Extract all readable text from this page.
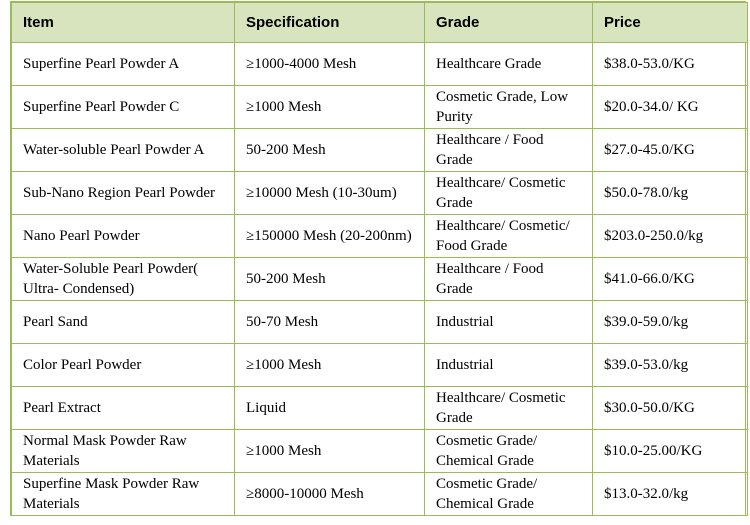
Item	Specification	Grade	Price
Superfine Pearl Powder A	≥1000-4000 Mesh	Healthcare Grade	$38.0-53.0/KG
Superfine Pearl Powder C	≥1000 Mesh	Cosmetic Grade, Low Purity	$20.0-34.0/ KG
Water-soluble Pearl Powder A	50-200 Mesh	Healthcare / Food Grade	$27.0-45.0/KG
Sub-Nano Region Pearl Powder	≥10000 Mesh (10-30um)	Healthcare/ Cosmetic Grade	$50.0-78.0/kg
Nano Pearl Powder	≥150000 Mesh (20-200nm)	Healthcare/ Cosmetic/ Food Grade	$203.0-250.0/kg
Water-Soluble Pearl Powder( Ultra- Condensed)	50-200 Mesh	Healthcare / Food Grade	$41.0-66.0/KG
Pearl Sand	50-70 Mesh	Industrial	$39.0-59.0/kg
Color Pearl Powder	≥1000 Mesh	Industrial	$39.0-53.0/kg
Pearl Extract	Liquid	Healthcare/ Cosmetic Grade	$30.0-50.0/KG
Normal Mask Powder Raw Materials	≥1000 Mesh	Cosmetic Grade/ Chemical Grade	$10.0-25.00/KG
Superfine Mask Powder Raw Materials	≥8000-10000 Mesh	Cosmetic Grade/ Chemical Grade	$13.0-32.0/kg
